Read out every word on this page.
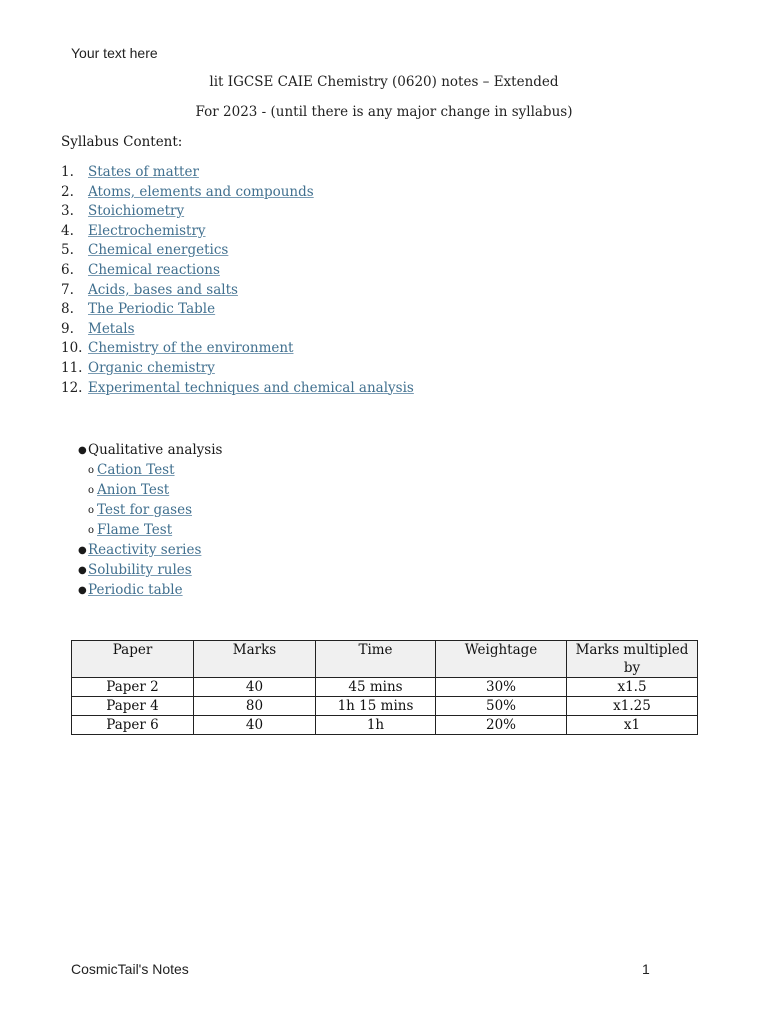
Your text here
lit IGCSE CAIE Chemistry (0620) notes – Extended
For 2023 - (until there is any major change in syllabus)
Syllabus Content:
1.	States of matter
2.	Atoms, elements and compounds
3.	Stoichiometry
4.	Electrochemistry
5.	Chemical energetics
6.	Chemical reactions
7.	Acids, bases and salts
8.	The Periodic Table
9.	Metals
10. Chemistry of the environment
11. Organic chemistry
12. Experimental techniques and chemical analysis
●Qualitative analysis
o Cation Test
o Anion Test
o Test for gases
o Flame Test
●Reactivity series
●Solubility rules
●Periodic table
Paper	Marks	Time	Weightage	Marks multipled by
Paper 2	40	45 mins	30%	x1.5
Paper 4	80	1h 15 mins	50%	x1.25
Paper 6	40	1h	20%	x1
CosmicTail's Notes	1
